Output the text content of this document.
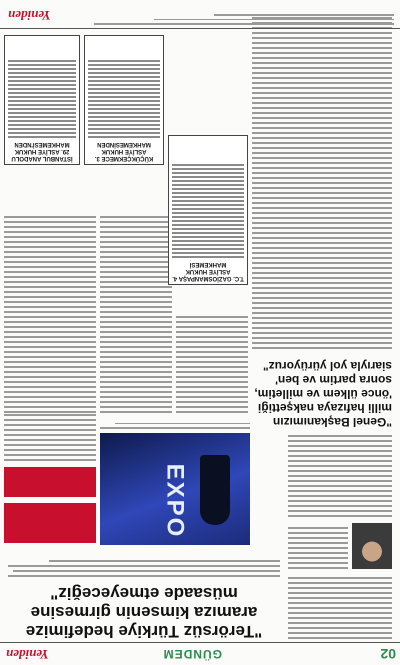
02
GÜNDEM
Yeniden
"Terörsüz Türkiye hedefimize aramıza kimsenin girmesine müsaade etmeyeceğiz"
EXPO
"Genel Başkanımızın milli hafızaya nakşettiği 'önce ülkem ve milletim, sonra partim ve ben' siarıyla yol yürüyoruz"
T.C. GAZİOSMANPAŞA 4. ASLİYE HUKUK MAHKEMESİ
KÜÇÜKÇEKMECE 3. ASLİYE HUKUK MAHKEMESİNDEN
İSTANBUL ANADOLU 29. ASLİYE HUKUK MAHKEMESİ'NDEN
Yeniden
